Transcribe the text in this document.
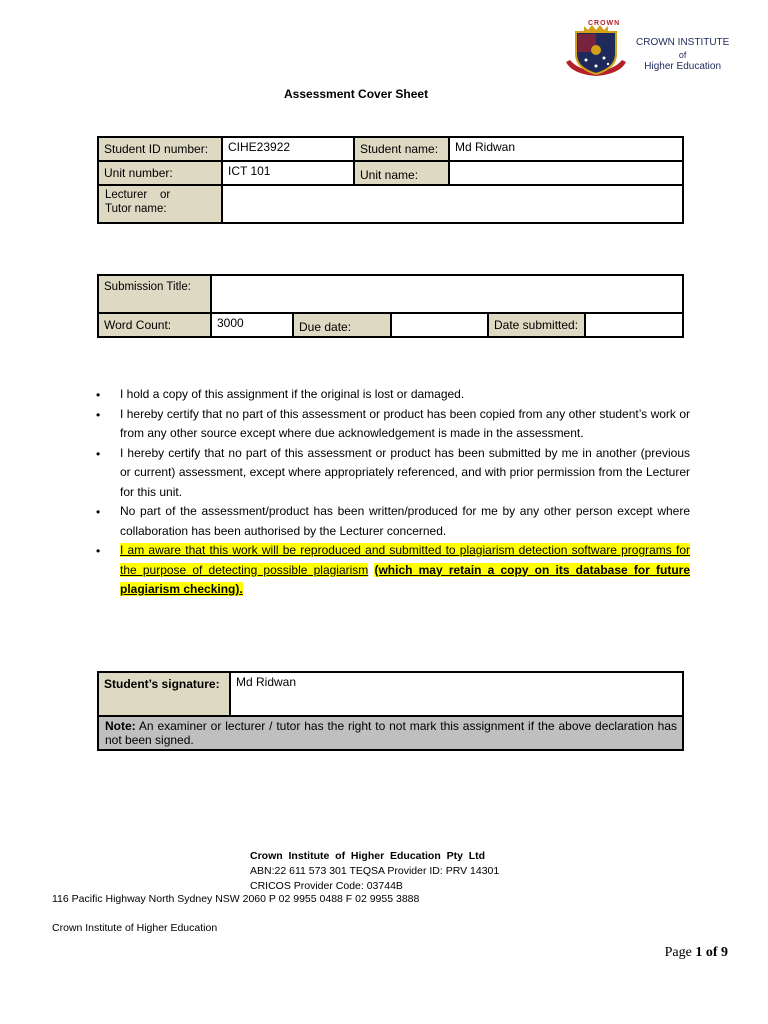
CROWN
CROWN INSTITUTE
of
Higher Education
Assessment Cover Sheet
Student ID number:	CIHE23922	Student name:	Md Ridwan
Unit number:	ICT 101	Unit name:	

Lecturer    or
Tutor name:			

Submission Title:					
Word Count:	3000	Due date:		Date submitted:	
• I hold a copy of this assignment if the original is lost or damaged.
• I hereby certify that no part of this assessment or product has been copied from any other student’s work or from any other source except where due acknowledgement is made in the assessment.
• I hereby certify that no part of this assessment or product has been submitted by me in another (previous or current) assessment, except where appropriately referenced, and with prior permission from the Lecturer for this unit.
• No part of the assessment/product has been written/produced for me by any other person except where collaboration has been authorised by the Lecturer concerned.
• I am aware that this work will be reproduced and submitted to plagiarism detection software programs for the purpose of detecting possible plagiarism (which may retain a copy on its database for future plagiarism checking).
Student’s signature:	Md Ridwan
Note: An examiner or lecturer / tutor has the right to not mark this assignment if the above declaration has not been signed.
Crown  Institute  of  Higher  Education  Pty  Ltd
ABN:22 611 573 301 TEQSA Provider ID: PRV 14301
CRICOS Provider Code: 03744B
116 Pacific Highway North Sydney NSW 2060 P 02 9955 0488 F 02 9955 3888
Crown Institute of Higher Education
Page 1 of 9
